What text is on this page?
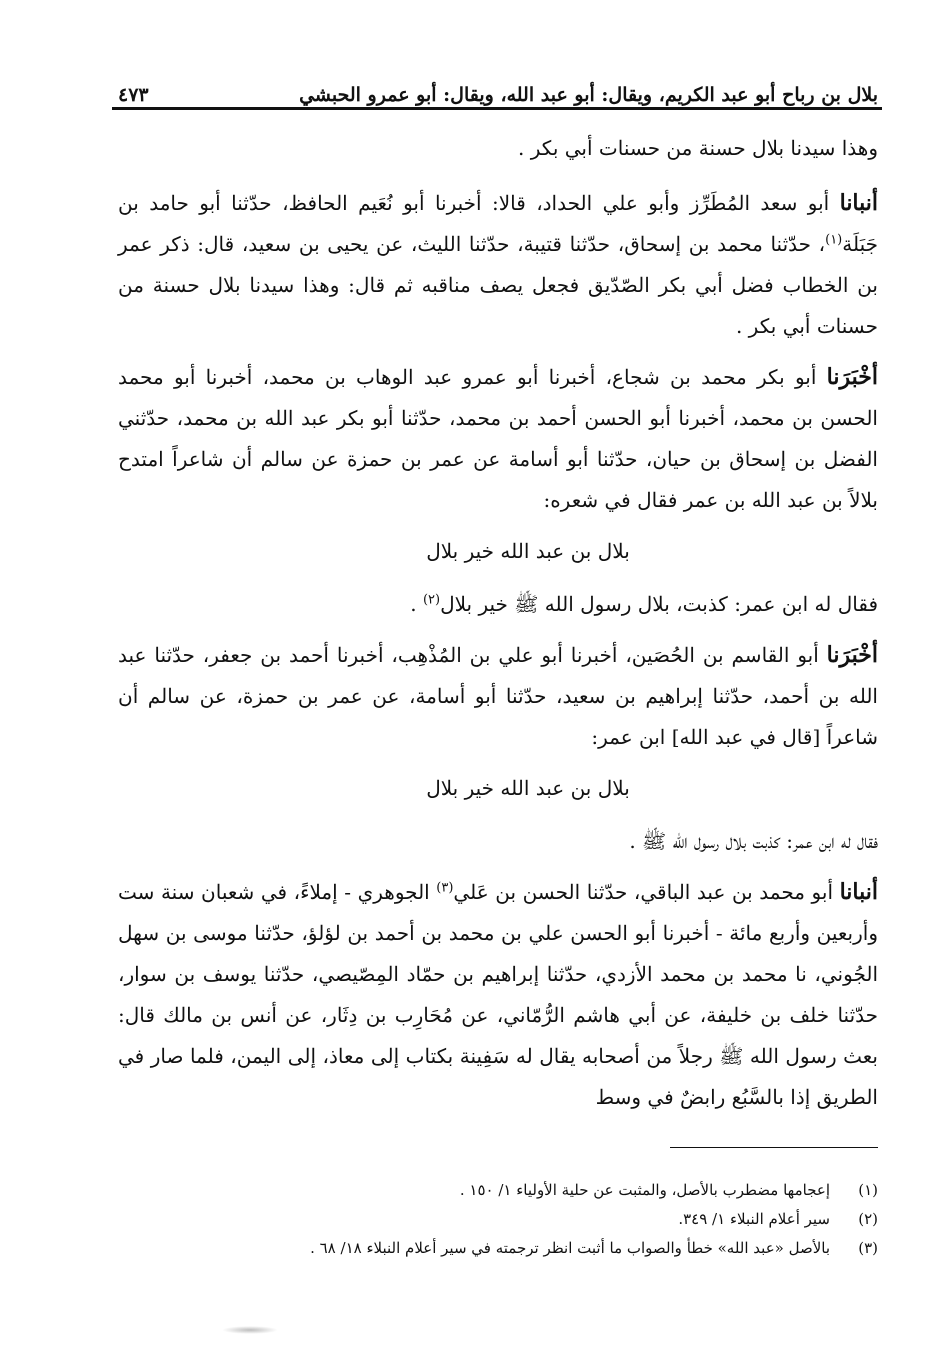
بلال بن رباح أبو عبد الكريم، ويقال: أبو عبد الله، ويقال: أبو عمرو الحبشي
٤٧٣

وهذا سيدنا بلال حسنة من حسنات أبي بكر .

أنبانا أبو سعد المُطَرِّز وأبو علي الحداد، قالا: أخبرنا أبو نُعَيم الحافظ، حدّثنا أبو حامد بن جَبَلَة$^{(١)}$، حدّثنا محمد بن إسحاق، حدّثنا قتيبة، حدّثنا الليث، عن يحيى بن سعيد، قال: ذكر عمر بن الخطاب فضل أبي بكر الصّدّيق فجعل يصف مناقبه ثم قال: وهذا سيدنا بلال حسنة من حسنات أبي بكر .

أخْبَرَنا أبو بكر محمد بن شجاع، أخبرنا أبو عمرو عبد الوهاب بن محمد، أخبرنا أبو محمد الحسن بن محمد، أخبرنا أبو الحسن أحمد بن محمد، حدّثنا أبو بكر عبد الله بن محمد، حدّثني الفضل بن إسحاق بن حيان، حدّثنا أبو أسامة عن عمر بن حمزة عن سالم أن شاعراً امتدح بلالاً بن عبد الله بن عمر فقال في شعره:

بلال بن عبد الله خير بلال

فقال له ابن عمر: كذبت، بلال رسول الله ﷺ خير بلال$^{(٢)}$ .

أخْبَرَنا أبو القاسم بن الحُصَين، أخبرنا أبو علي بن المُذْهِب، أخبرنا أحمد بن جعفر، حدّثنا عبد الله بن أحمد، حدّثنا إبراهيم بن سعيد، حدّثنا أبو أسامة، عن عمر بن حمزة، عن سالم أن شاعراً [قال في عبد الله] ابن عمر:

بلال بن عبد الله خير بلال

فقال له ابن عمر: كذبت بلال رسول الله ﷺ .

أنبانا أبو محمد بن عبد الباقي، حدّثنا الحسن بن عَلي$^{(٣)}$ الجوهري - إملاءً، في شعبان سنة ست وأربعين وأربع مائة - أخبرنا أبو الحسن علي بن محمد بن أحمد بن لؤلؤ، حدّثنا موسى بن سهل الجُوني، نا محمد بن محمد الأزدي، حدّثنا إبراهيم بن حمّاد المِصّيصي، حدّثنا يوسف بن سوار، حدّثنا خلف بن خليفة، عن أبي هاشم الرُّمّاني، عن مُحَارِب بن دِثَار، عن أنس بن مالك قال: بعث رسول الله ﷺ رجلاً من أصحابه يقال له سَفِينة بكتاب إلى معاذ، إلى اليمن، فلما صار في الطريق إذا بالسَّبُع رابضٌ في وسط

(١)
إعجامها مضطرب بالأصل، والمثبت عن حلية الأولياء ١/ ١٥٠ .
(٢)
سير أعلام النبلاء ١/ ٣٤٩.
(٣)
بالأصل «عبد الله» خطأ والصواب ما أثبت انظر ترجمته في سير أعلام النبلاء ١٨/ ٦٨ .
